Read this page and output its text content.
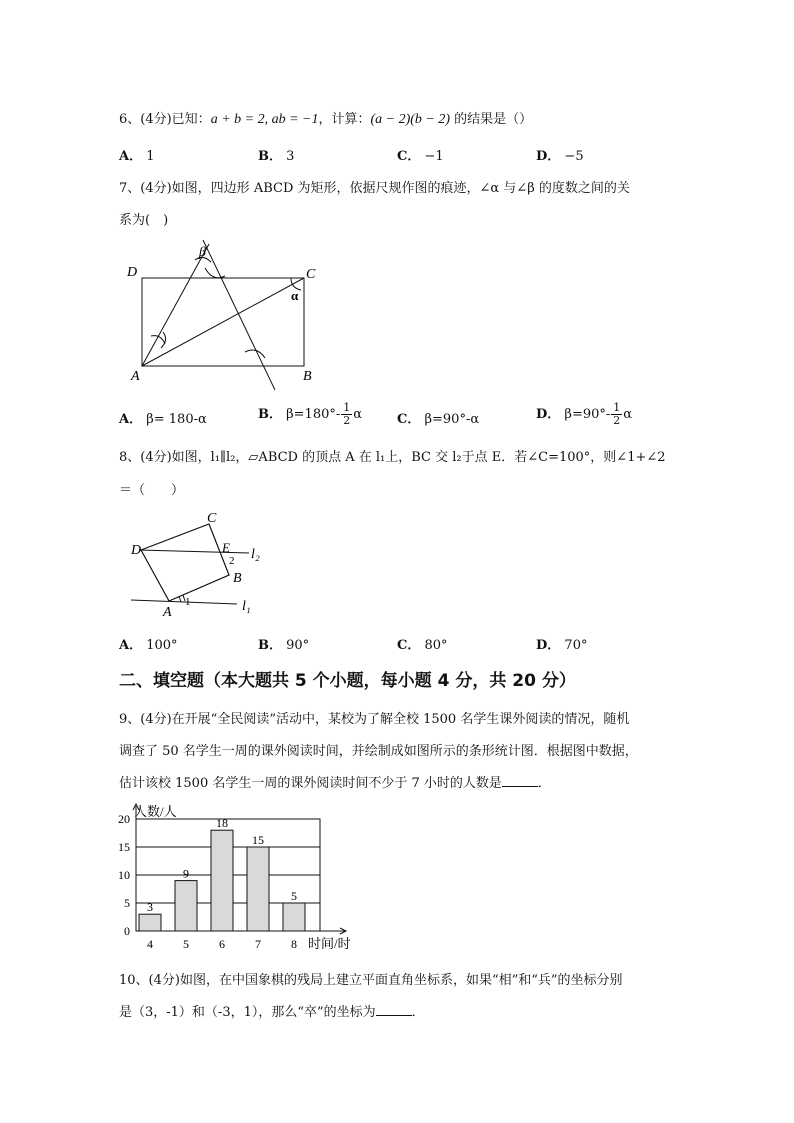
6、(4分)已知：a + b = 2, ab = −1，计算：(a − 2)(b − 2) 的结果是（）
A． 1	B． 3	C． −1	D． −5
7、(4分)如图，四边形 ABCD 为矩形，依据尺规作图的痕迹，∠α 与∠β 的度数之间的关
系为(　)
D	C
A	B
α
β
A． β= 180-α	B． $\beta=180^\circ- \frac{1}{2}$ α	C． β=90°-α	D． $\beta=90^\circ- \frac{1}{2}$ α
8、(4分)如图，l₁∥l₂，▱ABCD 的顶点 A 在 l₁上，BC 交 l₂于点 E．若∠C=100°，则∠1+∠2
＝（　　）
D
C
E
2
B
A
1
l₂
l₁
A． 100°	B． 90°	C． 80°	D． 70°
二、填空题（本大题共 5 个小题，每小题 4 分，共 20 分）
9、(4分)在开展“全民阅读”活动中，某校为了解全校 1500 名学生课外阅读的情况，随机
调查了 50 名学生一周的课外阅读时间，并绘制成如图所示的条形统计图．根据图中数据，
估计该校 1500 名学生一周的课外阅读时间不少于 7 小时的人数是	．
人数/人
时间/时
0
5
10
15
20
3
4
9
5
18
6
15
7
5
8
10、(4分)如图，在中国象棋的残局上建立平面直角坐标系，如果“相”和“兵”的坐标分别
是（3，-1）和（-3，1），那么“卒”的坐标为	．
